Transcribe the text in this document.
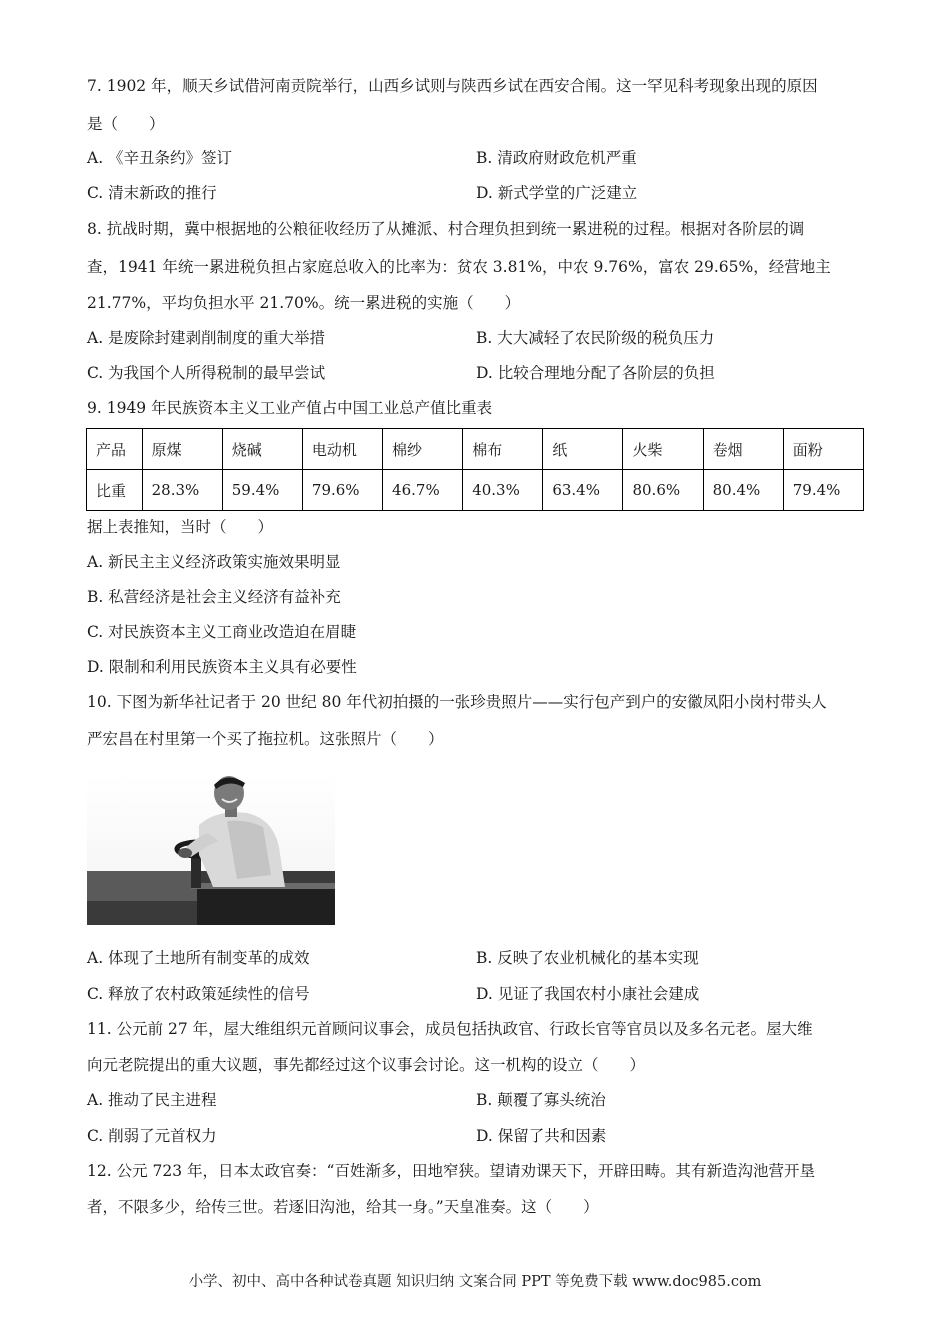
7. 1902 年，顺天乡试借河南贡院举行，山西乡试则与陕西乡试在西安合闱。这一罕见科考现象出现的原因
是（　　）
A. 《辛丑条约》签订	B. 清政府财政危机严重
C. 清末新政的推行	D. 新式学堂的广泛建立
8. 抗战时期，冀中根据地的公粮征收经历了从摊派、村合理负担到统一累进税的过程。根据对各阶层的调
查，1941 年统一累进税负担占家庭总收入的比率为：贫农 3.81%，中农 9.76%，富农 29.65%，经营地主
21.77%，平均负担水平 21.70%。统一累进税的实施（　　）
A. 是废除封建剥削制度的重大举措	B. 大大减轻了农民阶级的税负压力
C. 为我国个人所得税制的最早尝试	D. 比较合理地分配了各阶层的负担
9. 1949 年民族资本主义工业产值占中国工业总产值比重表
产品	原煤	烧碱	电动机	棉纱	棉布	纸	火柴	卷烟	面粉
比重	28.3%	59.4%	79.6%	46.7%	40.3%	63.4%	80.6%	80.4%	79.4%
据上表推知，当时（　　）
A. 新民主主义经济政策实施效果明显
B. 私营经济是社会主义经济有益补充
C. 对民族资本主义工商业改造迫在眉睫
D. 限制和利用民族资本主义具有必要性
10. 下图为新华社记者于 20 世纪 80 年代初拍摄的一张珍贵照片——实行包产到户的安徽凤阳小岗村带头人
严宏昌在村里第一个买了拖拉机。这张照片（　　）
A. 体现了土地所有制变革的成效	B. 反映了农业机械化的基本实现
C. 释放了农村政策延续性的信号	D. 见证了我国农村小康社会建成
11. 公元前 27 年，屋大维组织元首顾问议事会，成员包括执政官、行政长官等官员以及多名元老。屋大维
向元老院提出的重大议题，事先都经过这个议事会讨论。这一机构的设立（　　）
A. 推动了民主进程	B. 颠覆了寡头统治
C. 削弱了元首权力	D. 保留了共和因素
12. 公元 723 年，日本太政官奏：“百姓渐多，田地窄狭。望请劝课天下，开辟田畴。其有新造沟池营开垦
者，不限多少，给传三世。若逐旧沟池，给其一身。”天皇准奏。这（　　）
小学、初中、高中各种试卷真题 知识归纳 文案合同 PPT 等免费下载 www.doc985.com
